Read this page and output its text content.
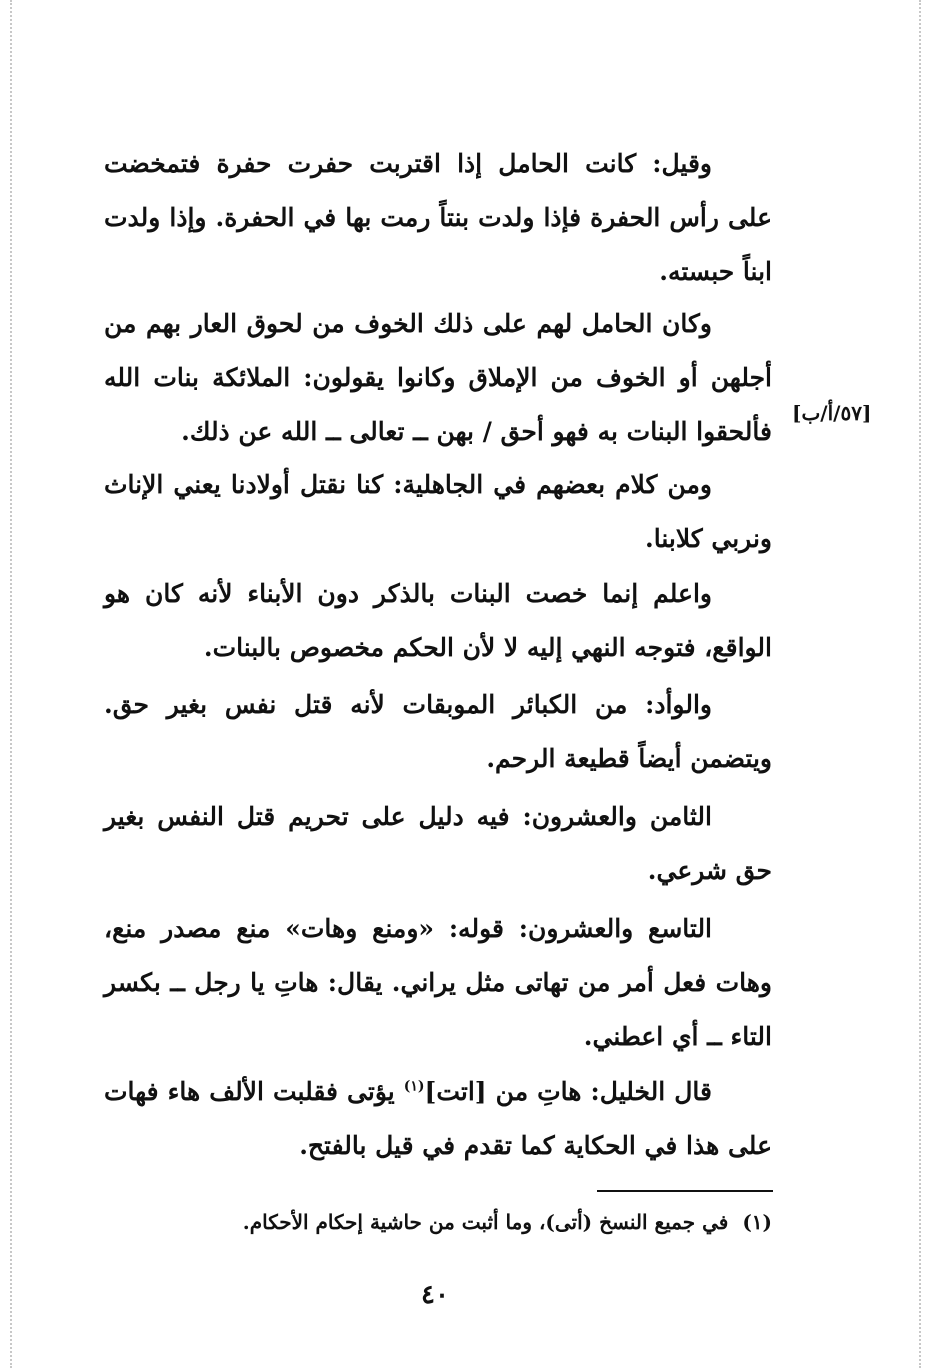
وقيل: كانت الحامل إذا اقتربت حفرت حفرة فتمخضت على رأس الحفرة فإذا ولدت بنتاً رمت بها في الحفرة. وإذا ولدت ابناً حبسته.

وكان الحامل لهم على ذلك الخوف من لحوق العار بهم من أجلهن أو الخوف من الإملاق وكانوا يقولون: الملائكة بنات الله فألحقوا البنات به فهو أحق / بهن ــ تعالى ــ الله عن ذلك.

[٥٧/أ/ب]

ومن كلام بعضهم في الجاهلية: كنا نقتل أولادنا يعني الإناث ونربي كلابنا.

واعلم إنما خصت البنات بالذكر دون الأبناء لأنه كان هو الواقع، فتوجه النهي إليه لا لأن الحكم مخصوص بالبنات.

والوأد: من الكبائر الموبقات لأنه قتل نفس بغير حق. ويتضمن أيضاً قطيعة الرحم.

الثامن والعشرون: فيه دليل على تحريم قتل النفس بغير حق شرعي.

التاسع والعشرون: قوله: «ومنع وهات» منع مصدر منع، وهات فعل أمر من تهاتى مثل يراني. يقال: هاتِ يا رجل ــ بكسر التاء ــ أي اعطني.

قال الخليل: هاتِ من [اتت]$^{(١)}$ يؤتى فقلبت الألف هاء فهات على هذا في الحكاية كما تقدم في قيل بالفتح.

(١)في جميع النسخ (أتى)، وما أثبت من حاشية إحكام الأحكام.
٤٠
